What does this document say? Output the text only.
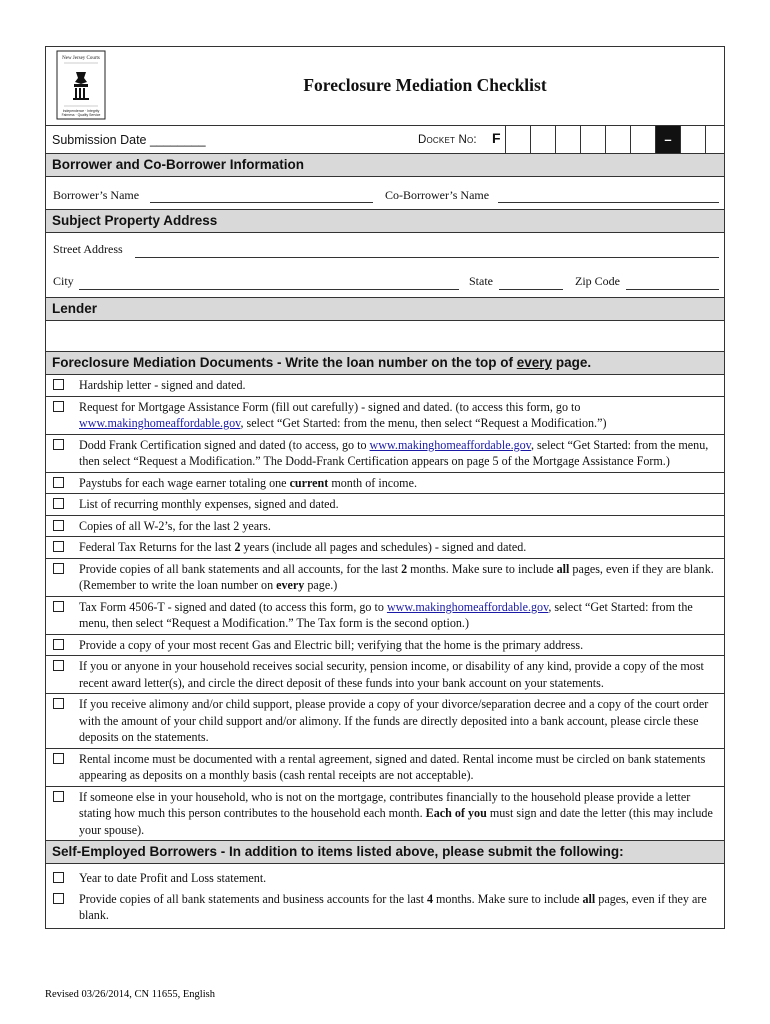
New Jersey Courts
Independence · Integrity
Fairness · Quality Service
Foreclosure Mediation Checklist
Submission Date ________	Docket No: F	–
Borrower and Co-Borrower Information
Borrower’s Name	Co-Borrower’s Name
Subject Property Address
Street Address
City	State	Zip Code
Lender
Foreclosure Mediation Documents - Write the loan number on the top of every page.
Hardship letter - signed and dated.
Request for Mortgage Assistance Form (fill out carefully) - signed and dated. (to access this form, go to www.makinghomeaffordable.gov, select “Get Started: from the menu, then select “Request a Modification.”)
Dodd Frank Certification signed and dated (to access, go to www.makinghomeaffordable.gov, select “Get Started: from the menu, then select “Request a Modification.” The Dodd-Frank Certification appears on page 5 of the Mortgage Assistance Form.)
Paystubs for each wage earner totaling one current month of income.
List of recurring monthly expenses, signed and dated.
Copies of all W-2’s, for the last 2 years.
Federal Tax Returns for the last 2 years (include all pages and schedules) - signed and dated.
Provide copies of all bank statements and all accounts, for the last 2 months. Make sure to include all pages, even if they are blank. (Remember to write the loan number on every page.)
Tax Form 4506-T - signed and dated (to access this form, go to www.makinghomeaffordable.gov, select “Get Started: from the menu, then select “Request a Modification.” The Tax form is the second option.)
Provide a copy of your most recent Gas and Electric bill; verifying that the home is the primary address.
If you or anyone in your household receives social security, pension income, or disability of any kind, provide a copy of the most recent award letter(s), and circle the direct deposit of these funds into your bank account on your statements.
If you receive alimony and/or child support, please provide a copy of your divorce/separation decree and a copy of the court order with the amount of your child support and/or alimony. If the funds are directly deposited into a bank account, please circle these deposits on the statements.
Rental income must be documented with a rental agreement, signed and dated. Rental income must be circled on bank statements appearing as deposits on a monthly basis (cash rental receipts are not acceptable).
If someone else in your household, who is not on the mortgage, contributes financially to the household please provide a letter stating how much this person contributes to the household each month. Each of you must sign and date the letter (this may include your spouse).
Self-Employed Borrowers - In addition to items listed above, please submit the following:
Year to date Profit and Loss statement.
Provide copies of all bank statements and business accounts for the last 4 months. Make sure to include all pages, even if they are blank.
Revised 03/26/2014, CN 11655, English
